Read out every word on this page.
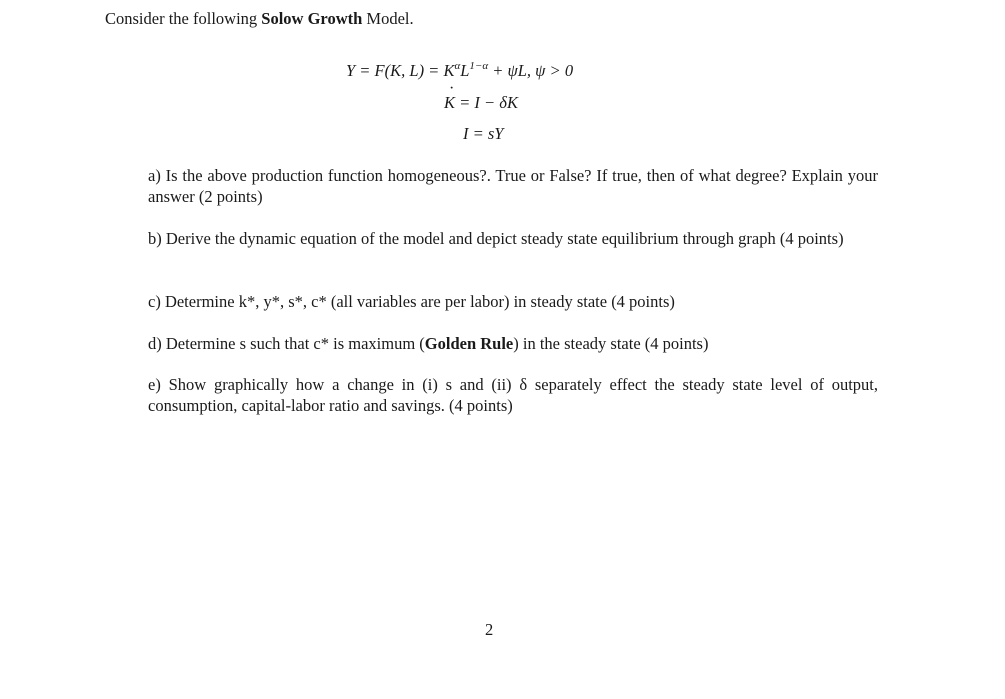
Consider the following Solow Growth Model.
Y = F(K, $L) = K^\alpha L^{1-\alpha} + \psi L$, ψ > 0
K · = I − δK
I = sY
a) Is the above production function homogeneous?. True or False? If true, then of what degree? Explain your answer (2 points)
b) Derive the dynamic equation of the model and depict steady state equilibrium through graph (4 points)
c) Determine k*, y*, s*, c* (all variables are per labor) in steady state (4 points)
d) Determine s such that c* is maximum (Golden Rule) in the steady state (4 points)
e) Show graphically how a change in (i) s and (ii) δ separately effect the steady state level of output, consumption, capital-labor ratio and savings. (4 points)
2
